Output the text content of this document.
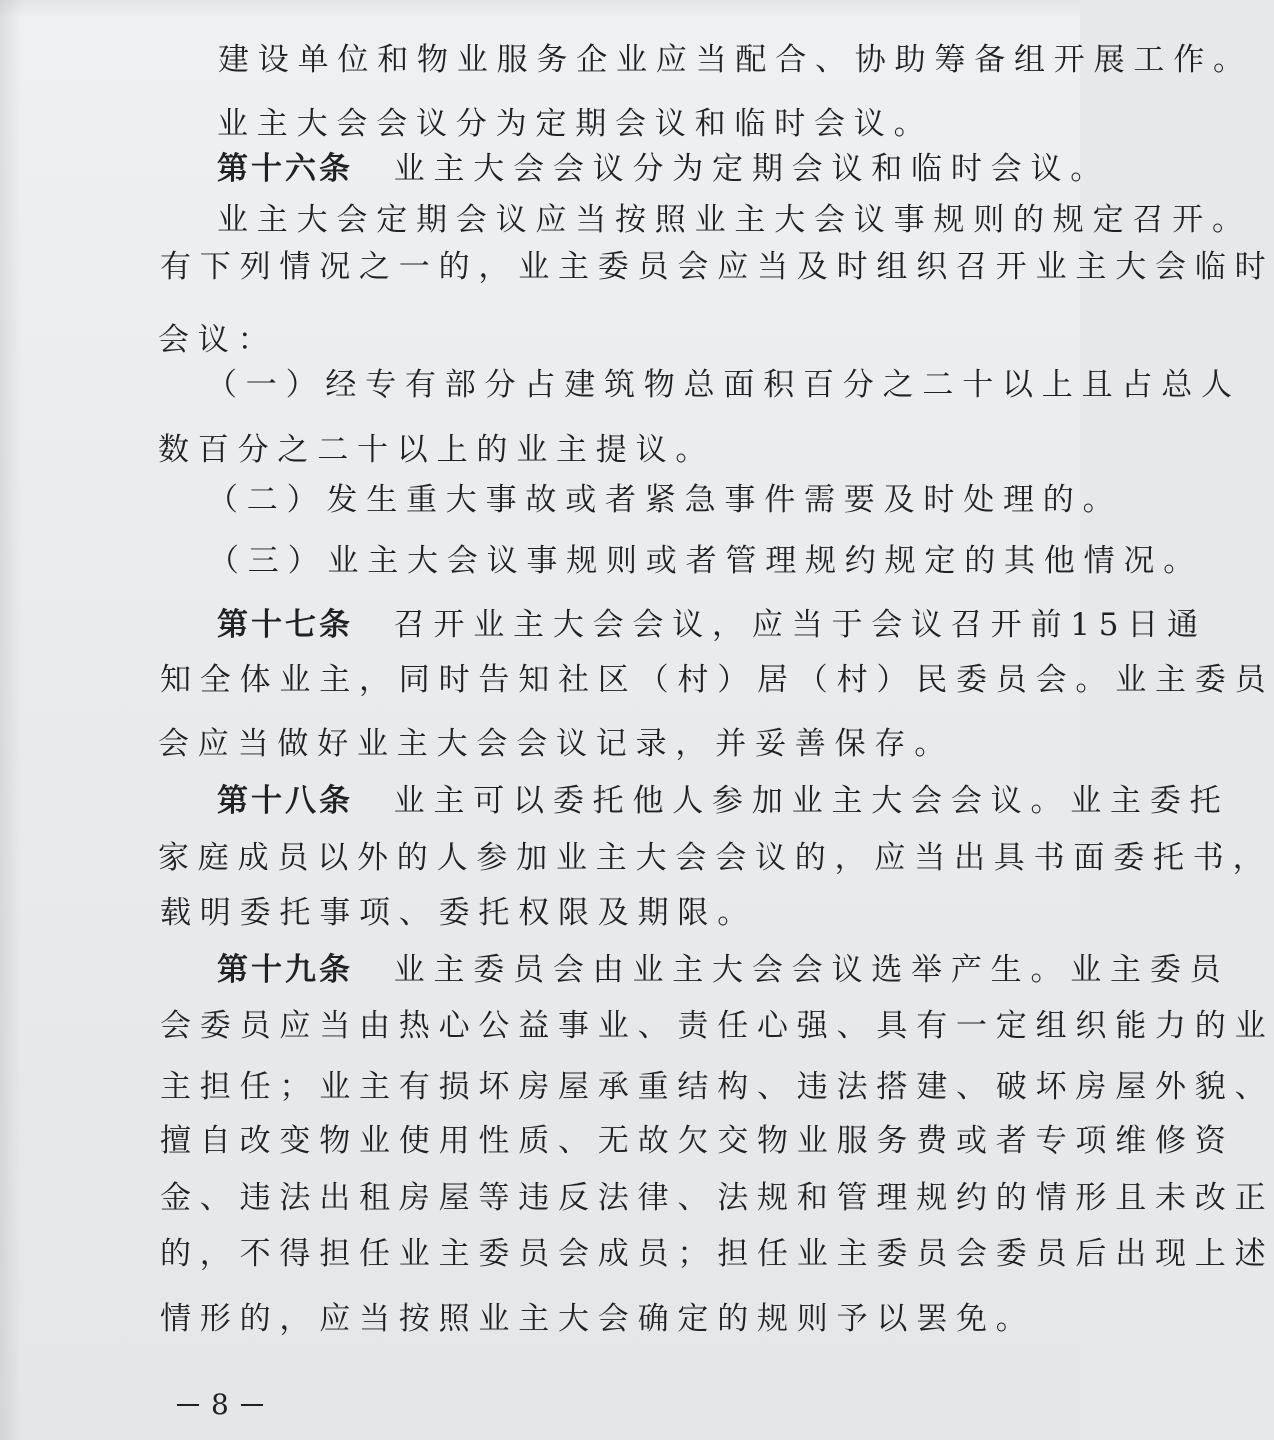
建设单位和物业服务企业应当配合、协助筹备组开展工作。
业主大会会议分为定期会议和临时会议。
第十六条 业主大会会议分为定期会议和临时会议。
业主大会定期会议应当按照业主大会议事规则的规定召开。
有下列情况之一的，业主委员会应当及时组织召开业主大会临时
会议：
（一）经专有部分占建筑物总面积百分之二十以上且占总人
数百分之二十以上的业主提议。
（二）发生重大事故或者紧急事件需要及时处理的。
（三）业主大会议事规则或者管理规约规定的其他情况。
第十七条 召开业主大会会议，应当于会议召开前15日通
知全体业主，同时告知社区（村）居（村）民委员会。业主委员
会应当做好业主大会会议记录，并妥善保存。
第十八条 业主可以委托他人参加业主大会会议。业主委托
家庭成员以外的人参加业主大会会议的，应当出具书面委托书，
载明委托事项、委托权限及期限。
第十九条 业主委员会由业主大会会议选举产生。业主委员
会委员应当由热心公益事业、责任心强、具有一定组织能力的业
主担任；业主有损坏房屋承重结构、违法搭建、破坏房屋外貌、
擅自改变物业使用性质、无故欠交物业服务费或者专项维修资
金、违法出租房屋等违反法律、法规和管理规约的情形且未改正
的，不得担任业主委员会成员；担任业主委员会委员后出现上述
情形的，应当按照业主大会确定的规则予以罢免。
8
